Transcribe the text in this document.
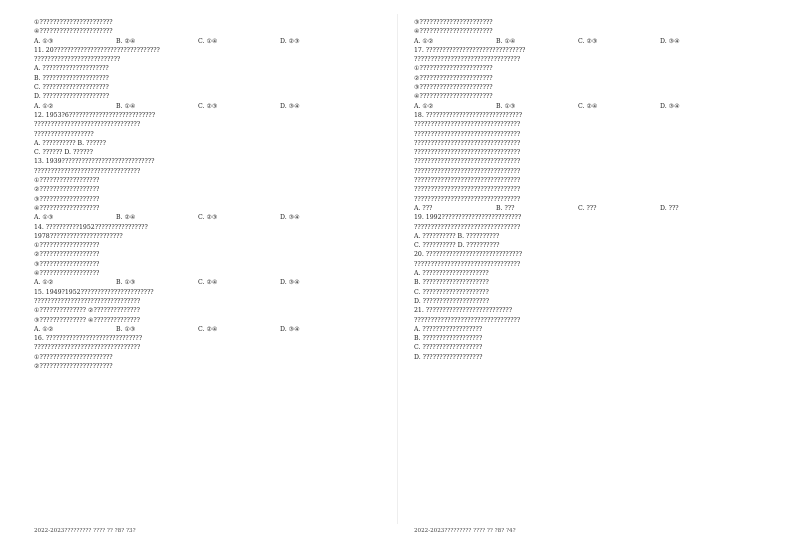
①??????????????????????
④??????????????????????
A. ①③	B. ②④	C. ①④	D. ②③
11. 20????????????????????????????????
??????????????????????????
A. ????????????????????
B. ????????????????????
C. ????????????????????
D. ????????????????????
A. ①②	B. ①④	C. ②③	D. ③④
12. 1953?6??????????????????????????
????????????????????????????????
??????????????????
A. ?????????? B. ??????
C. ?????? D. ??????
13. 1939????????????????????????????
????????????????????????????????
①??????????????????
②??????????????????
③??????????????????
④??????????????????
A. ①③	B. ②④	C. ②③	D. ③④
14. ??????????1952????????????????
1978??????????????????????
①??????????????????
②??????????????????
③??????????????????
④??????????????????
A. ①②	B. ①③	C. ②④	D. ③④
15. 1949?1952??????????????????????
????????????????????????????????
①?????????????? ②??????????????
③?????????????? ④??????????????
A. ①②	B. ①③	C. ②④	D. ③④
16. ?????????????????????????????
????????????????????????????????
①??????????????????????
②??????????????????????
③??????????????????????
④??????????????????????
A. ①②	B. ①④	C. ②③	D. ③④
17. ??????????????????????????????
????????????????????????????????
①??????????????????????
②??????????????????????
③??????????????????????
④??????????????????????
A. ①②	B. ①③	C. ②④	D. ③④
18. ?????????????????????????????
????????????????????????????????
????????????????????????????????
????????????????????????????????
????????????????????????????????
????????????????????????????????
????????????????????????????????
????????????????????????????????
????????????????????????????????
????????????????????????????????
A. ???	B. ???	C. ???	D. ???
19. 1992????????????????????????
????????????????????????????????
A. ?????????? B. ??????????
C. ?????????? D. ??????????
20. ?????????????????????????????
????????????????????????????????
A. ????????????????????
B. ????????????????????
C. ????????????????????
D. ????????????????????
21. ??????????????????????????
????????????????????????????????
A. ??????????????????
B. ??????????????????
C. ??????????????????
D. ??????????????????
2022-2023????????? ???? ?? ?8? ?3?	2022-2023????????? ???? ?? ?8? ?4?
